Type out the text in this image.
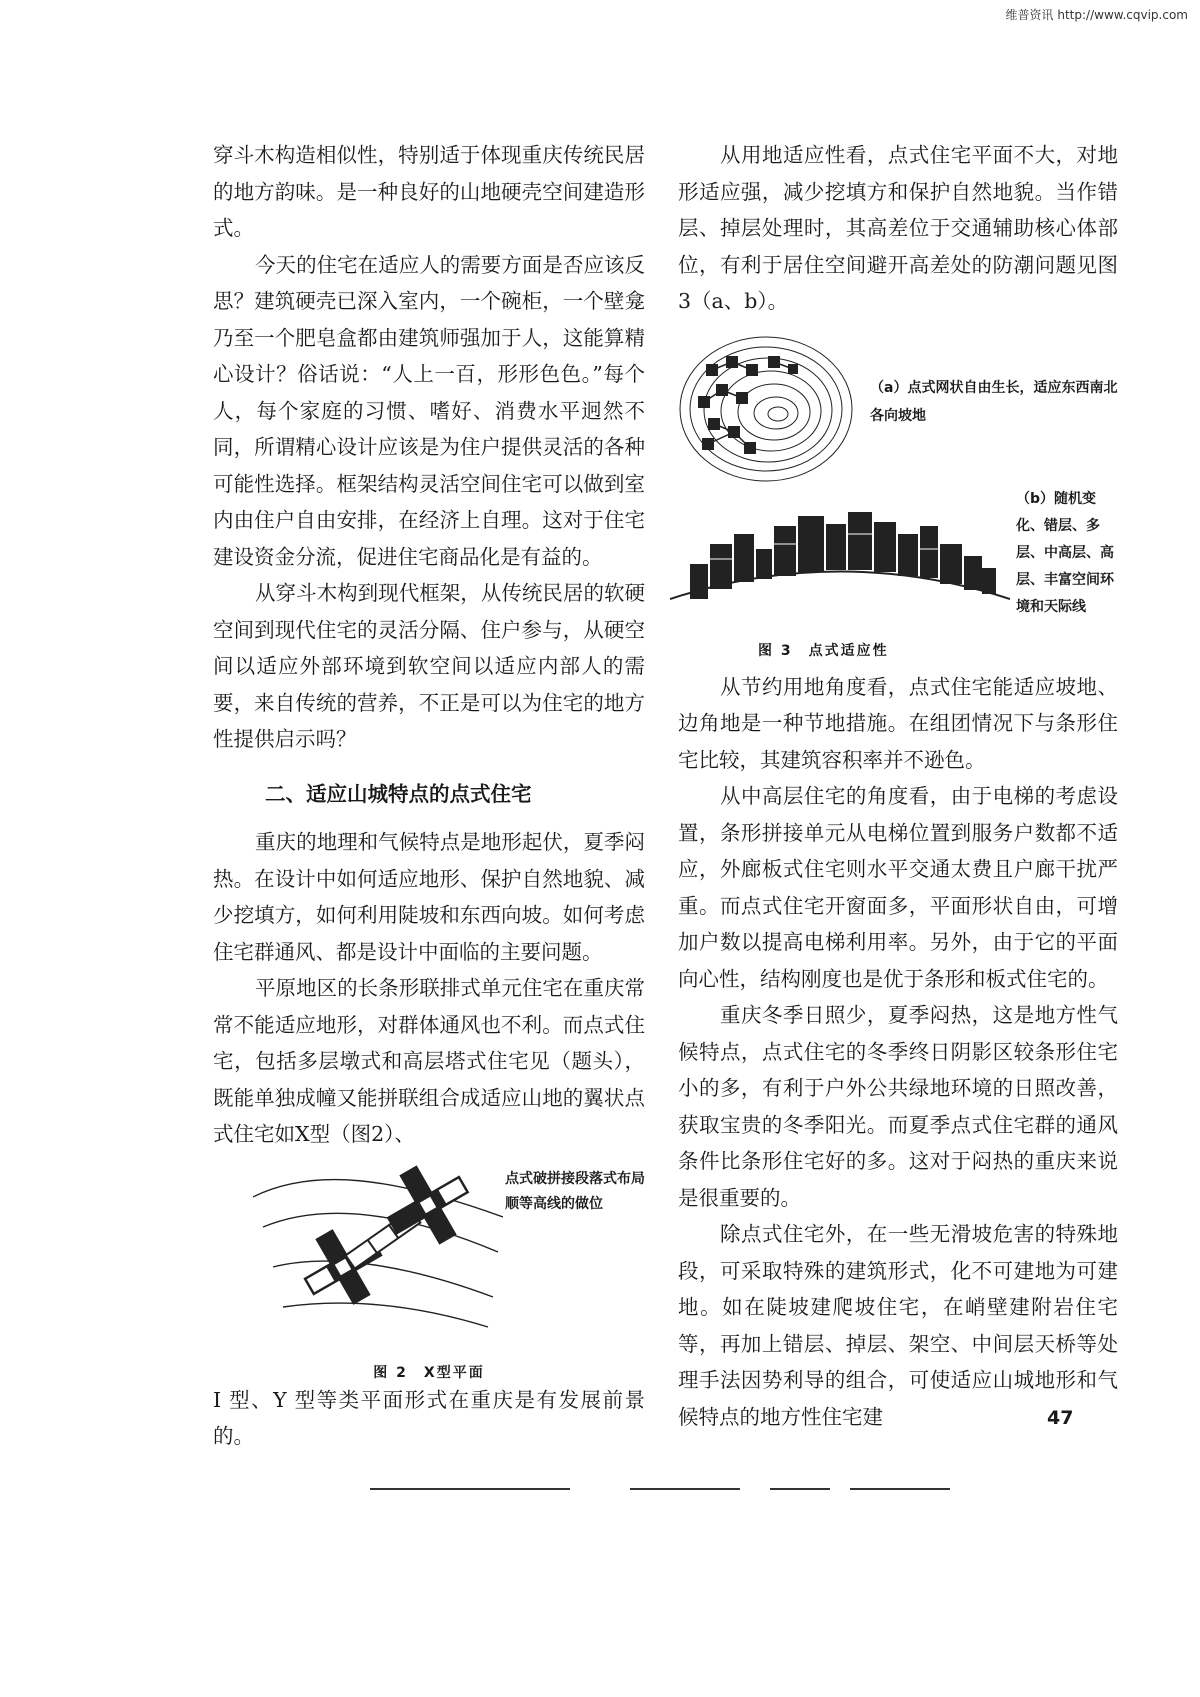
维普资讯 http://www.cqvip.com

穿斗木构造相似性，特别适于体现重庆传统民居的地方韵味。是一种良好的山地硬壳空间建造形式。

今天的住宅在适应人的需要方面是否应该反思？建筑硬壳已深入室内，一个碗柜，一个壁龛乃至一个肥皂盒都由建筑师强加于人，这能算精心设计？俗话说：“人上一百，形形色色。”每个人，每个家庭的习惯、嗜好、消费水平迥然不同，所谓精心设计应该是为住户提供灵活的各种可能性选择。框架结构灵活空间住宅可以做到室内由住户自由安排，在经济上自理。这对于住宅建设资金分流，促进住宅商品化是有益的。

从穿斗木构到现代框架，从传统民居的软硬空间到现代住宅的灵活分隔、住户参与，从硬空间以适应外部环境到软空间以适应内部人的需要，来自传统的营养，不正是可以为住宅的地方性提供启示吗？

二、适应山城特点的点式住宅

重庆的地理和气候特点是地形起伏，夏季闷热。在设计中如何适应地形、保护自然地貌、减少挖填方，如何利用陡坡和东西向坡。如何考虑住宅群通风、都是设计中面临的主要问题。

平原地区的长条形联排式单元住宅在重庆常常不能适应地形，对群体通风也不利。而点式住宅，包括多层墩式和高层塔式住宅见（题头），既能单独成幢又能拼联组合成适应山地的翼状点式住宅如X型（图2）、

点式破拼接段落式布局顺等高线的做位
图 2　X型平面

I 型、Y 型等类平面形式在重庆是有发展前景的。

从用地适应性看，点式住宅平面不大，对地形适应强，减少挖填方和保护自然地貌。当作错层、掉层处理时，其高差位于交通辅助核心体部位，有利于居住空间避开高差处的防潮问题见图3（a、b）。

（a）点式网状自由生长，适应东西南北各向坡地
（b）随机变化、错层、多层、中高层、高层、丰富空间环境和天际线
图 3　点式适应性

从节约用地角度看，点式住宅能适应坡地、边角地是一种节地措施。在组团情况下与条形住宅比较，其建筑容积率并不逊色。

从中高层住宅的角度看，由于电梯的考虑设置，条形拼接单元从电梯位置到服务户数都不适应，外廊板式住宅则水平交通太费且户廊干扰严重。而点式住宅开窗面多，平面形状自由，可增加户数以提高电梯利用率。另外，由于它的平面向心性，结构刚度也是优于条形和板式住宅的。

重庆冬季日照少，夏季闷热，这是地方性气候特点，点式住宅的冬季终日阴影区较条形住宅小的多，有利于户外公共绿地环境的日照改善，获取宝贵的冬季阳光。而夏季点式住宅群的通风条件比条形住宅好的多。这对于闷热的重庆来说是很重要的。

除点式住宅外，在一些无滑坡危害的特殊地段，可采取特殊的建筑形式，化不可建地为可建地。如在陡坡建爬坡住宅，在峭壁建附岩住宅等，再加上错层、掉层、架空、中间层天桥等处理手法因势利导的组合，可使适应山城地形和气候特点的地方性住宅建	47
